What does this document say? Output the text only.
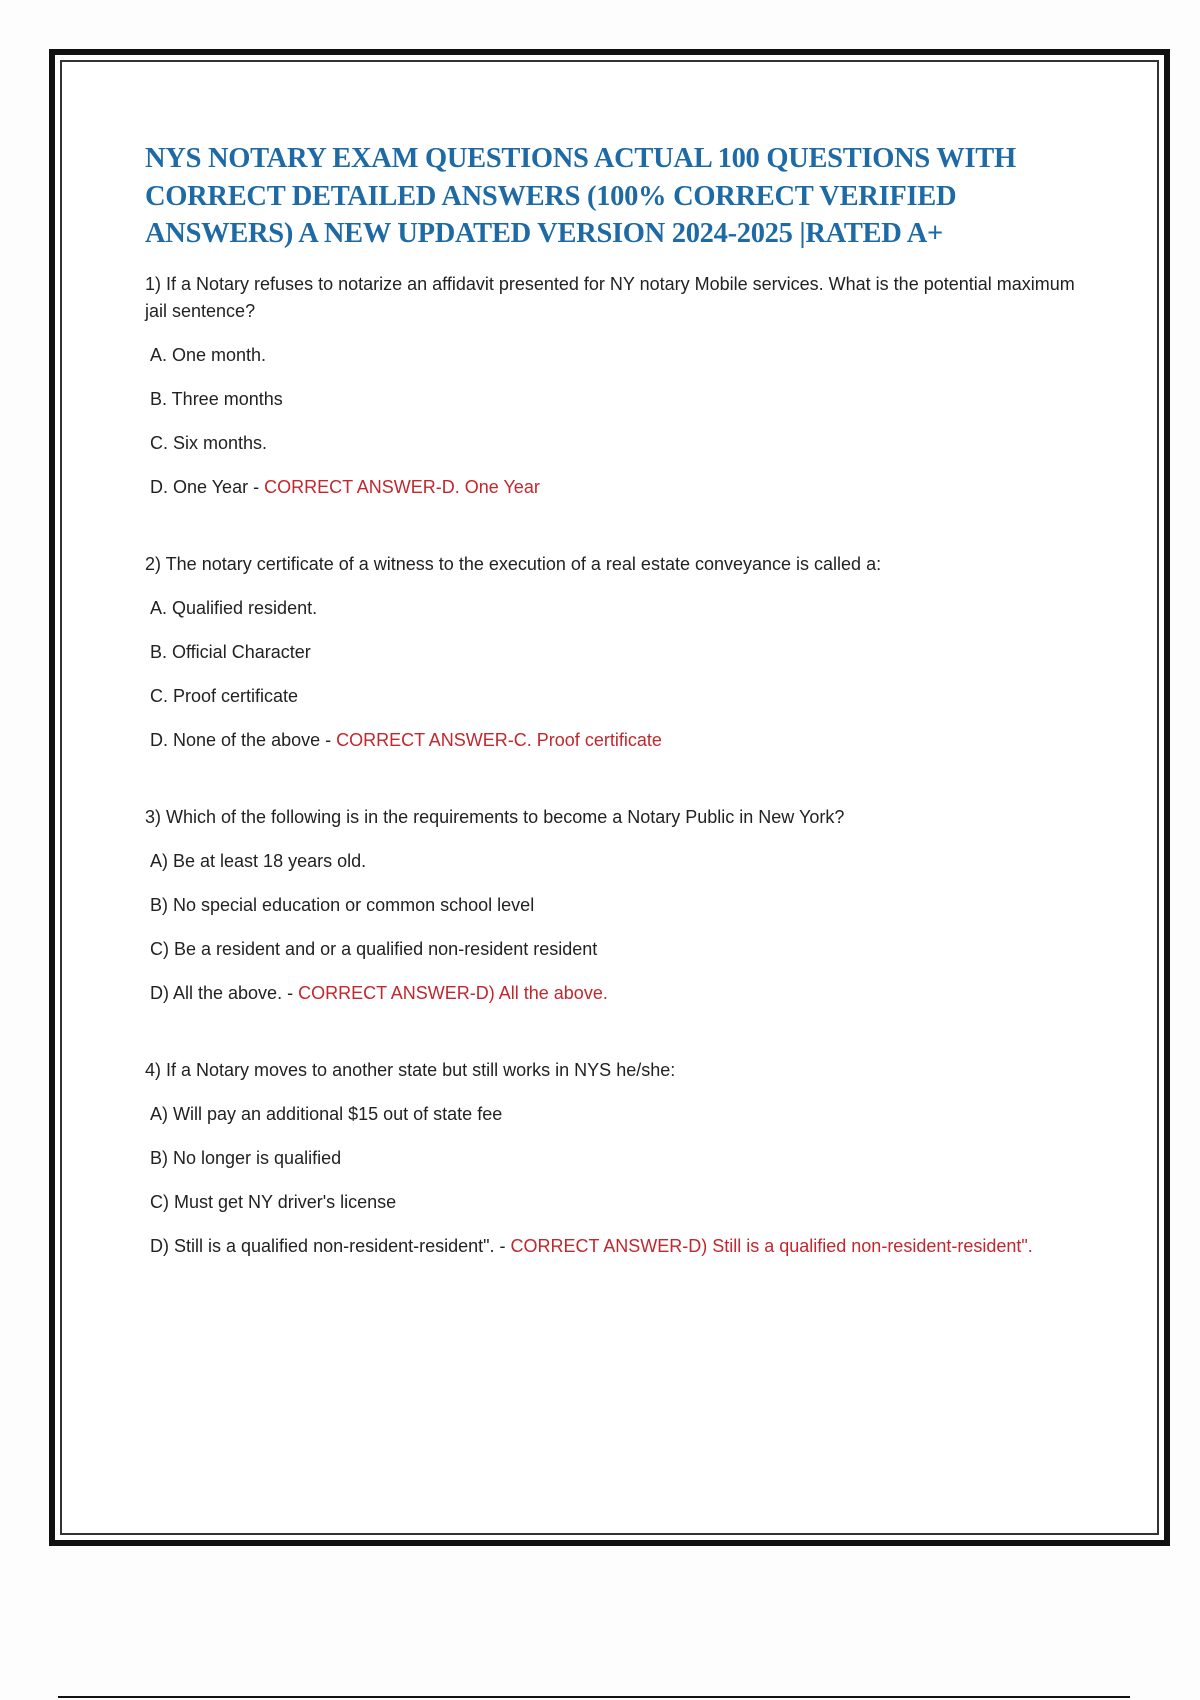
NYS NOTARY EXAM QUESTIONS ACTUAL 100 QUESTIONS WITH CORRECT DETAILED ANSWERS (100% CORRECT VERIFIED ANSWERS) A NEW UPDATED VERSION 2024-2025 |RATED A+

1) If a Notary refuses to notarize an affidavit presented for NY notary Mobile services. What is the potential maximum jail sentence?

A. One month.
B. Three months
C. Six months.
D. One Year - CORRECT ANSWER-D. One Year

2) The notary certificate of a witness to the execution of a real estate conveyance is called a:

A. Qualified resident.
B. Official Character
C. Proof certificate
D. None of the above - CORRECT ANSWER-C. Proof certificate

3) Which of the following is in the requirements to become a Notary Public in New York?

A) Be at least 18 years old.
B) No special education or common school level
C) Be a resident and or a qualified non-resident resident
D) All the above. - CORRECT ANSWER-D) All the above.

4) If a Notary moves to another state but still works in NYS he/she:

A) Will pay an additional $15 out of state fee
B) No longer is qualified
C) Must get NY driver's license
D) Still is a qualified non-resident-resident". - CORRECT ANSWER-D) Still is a qualified non-resident-resident".
